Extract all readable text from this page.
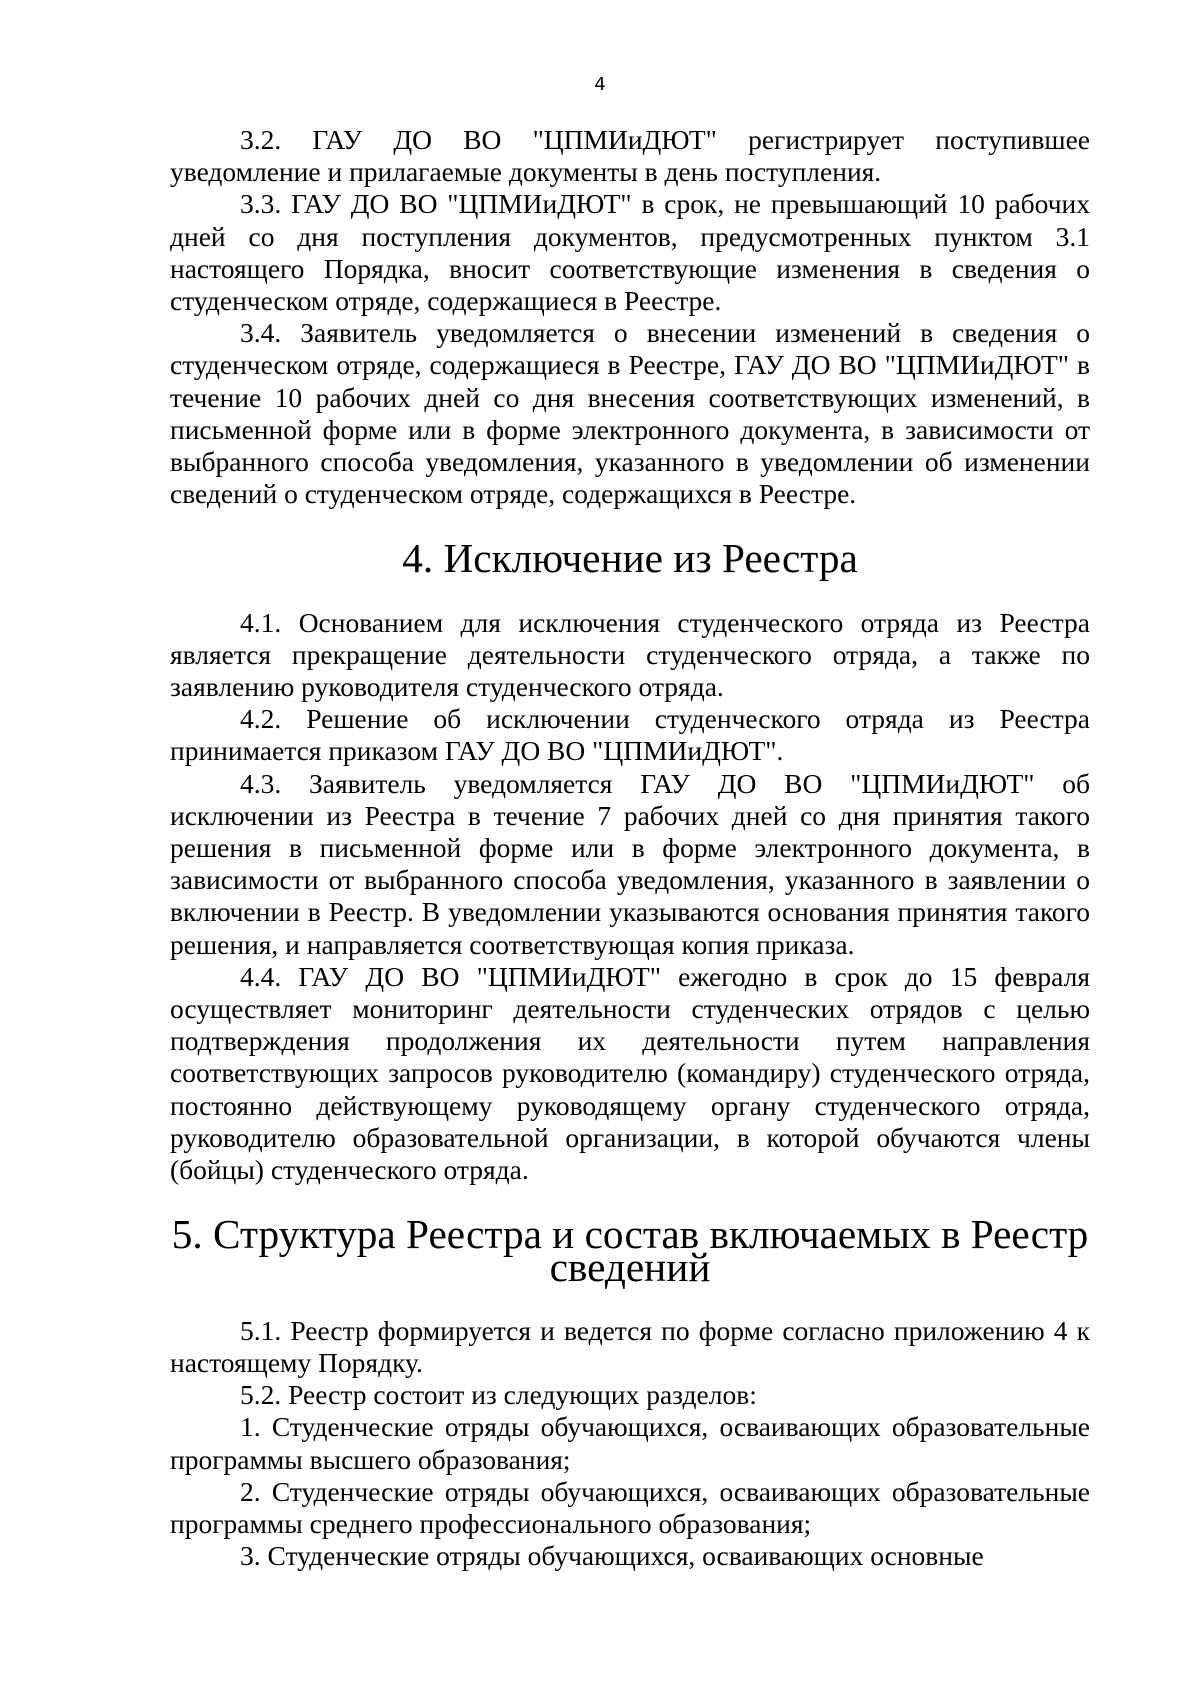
4

3.2. ГАУ ДО ВО "ЦПМИиДЮТ" регистрирует поступившее уведомление и прилагаемые документы в день поступления.

3.3. ГАУ ДО ВО "ЦПМИиДЮТ" в срок, не превышающий 10 рабочих дней со дня поступления документов, предусмотренных пунктом 3.1 настоящего Порядка, вносит соответствующие изменения в сведения о студенческом отряде, содержащиеся в Реестре.

3.4. Заявитель уведомляется о внесении изменений в сведения о студенческом отряде, содержащиеся в Реестре, ГАУ ДО ВО "ЦПМИиДЮТ" в течение 10 рабочих дней со дня внесения соответствующих изменений, в письменной форме или в форме электронного документа, в зависимости от выбранного способа уведомления, указанного в уведомлении об изменении сведений о студенческом отряде, содержащихся в Реестре.

4. Исключение из Реестра

4.1. Основанием для исключения студенческого отряда из Реестра является прекращение деятельности студенческого отряда, а также по заявлению руководителя студенческого отряда.

4.2. Решение об исключении студенческого отряда из Реестра принимается приказом ГАУ ДО ВО "ЦПМИиДЮТ".

4.3. Заявитель уведомляется ГАУ ДО ВО "ЦПМИиДЮТ" об исключении из Реестра в течение 7 рабочих дней со дня принятия такого решения в письменной форме или в форме электронного документа, в зависимости от выбранного способа уведомления, указанного в заявлении о включении в Реестр. В уведомлении указываются основания принятия такого решения, и направляется соответствующая копия приказа.

4.4. ГАУ ДО ВО "ЦПМИиДЮТ" ежегодно в срок до 15 февраля осуществляет мониторинг деятельности студенческих отрядов с целью подтверждения продолжения их деятельности путем направления соответствующих запросов руководителю (командиру) студенческого отряда, постоянно действующему руководящему органу студенческого отряда, руководителю образовательной организации, в которой обучаются члены (бойцы) студенческого отряда.

5. Структура Реестра и состав включаемых в Реестр сведений

5.1. Реестр формируется и ведется по форме согласно приложению 4 к настоящему Порядку.

5.2. Реестр состоит из следующих разделов:

1. Студенческие отряды обучающихся, осваивающих образовательные программы высшего образования;

2. Студенческие отряды обучающихся, осваивающих образовательные программы среднего профессионального образования;

3. Студенческие отряды обучающихся, осваивающих основные
